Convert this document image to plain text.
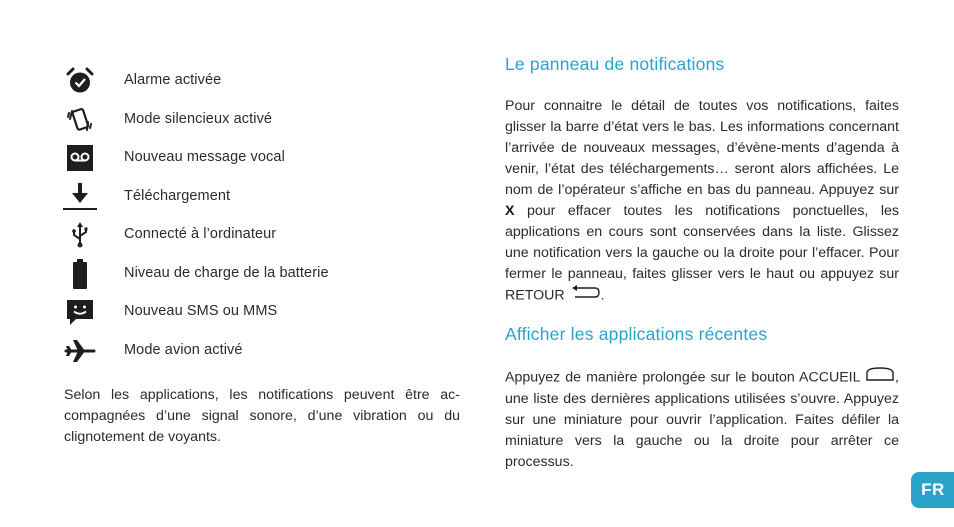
Alarme activée
Mode silencieux activé
Nouveau message vocal
Téléchargement
Connecté à l’ordinateur
Niveau de charge de la batterie
Nouveau SMS ou MMS
Mode avion activé

Selon les applications, les notifications peuvent être ac-compagnées d’une signal sonore, d’une vibration ou du clignotement de voyants.

Le panneau de notifications

Pour connaitre le détail de toutes vos notifications, faites glisser la barre d’état vers le bas. Les informations concernant l’arrivée de nouveaux messages, d’évène-ments d’agenda à venir, l’état des téléchargements… seront alors affichées. Le nom de l’opérateur s’affiche en bas du panneau. Appuyez sur X pour effacer toutes les notifications ponctuelles, les applications en cours sont conservées dans la liste. Glissez une notification vers la gauche ou la droite pour l’effacer. Pour fermer le panneau, faites glisser vers le haut ou appuyez sur RETOUR	.

Afficher les applications récentes

Appuyez de manière prolongée sur le bouton ACCUEIL , une liste des dernières applications utilisées s’ouvre. Appuyez sur une miniature pour ouvrir l’application. Faites défiler la miniature vers la gauche ou la droite pour arrêter ce processus.

FR
